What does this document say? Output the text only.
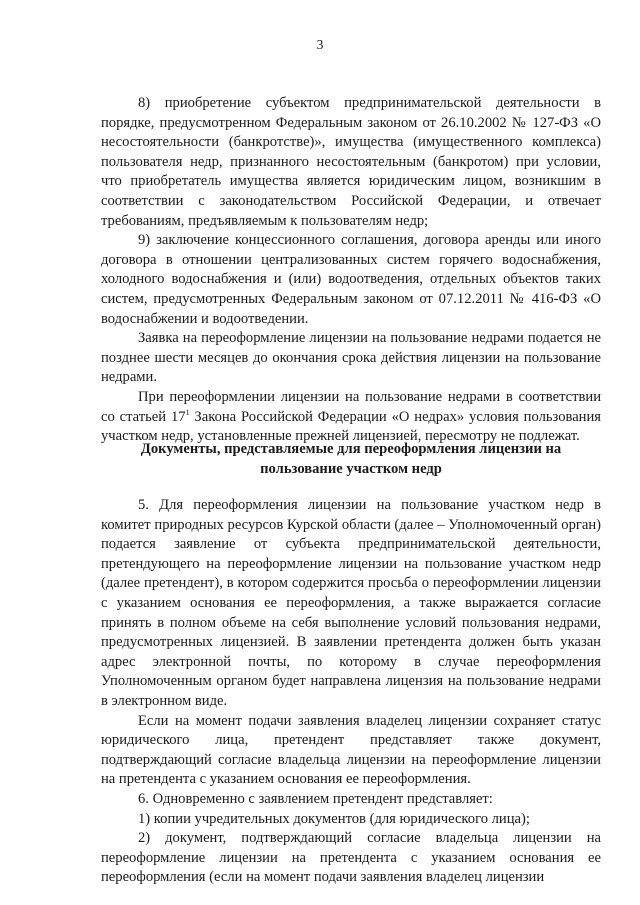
3

8) приобретение субъектом предпринимательской деятельности в порядке, предусмотренном Федеральным законом от 26.10.2002 № 127-ФЗ «О несостоятельности (банкротстве)», имущества (имущественного комплекса) пользователя недр, признанного несостоятельным (банкротом) при условии, что приобретатель имущества является юридическим лицом, возникшим в соответствии с законодательством Российской Федерации, и отвечает требованиям, предъявляемым к пользователям недр;

9) заключение концессионного соглашения, договора аренды или иного договора в отношении централизованных систем горячего водоснабжения, холодного водоснабжения и (или) водоотведения, отдельных объектов таких систем, предусмотренных Федеральным законом от 07.12.2011 № 416-ФЗ «О водоснабжении и водоотведении.

Заявка на переоформление лицензии на пользование недрами подается не позднее шести месяцев до окончания срока действия лицензии на пользование недрами.

При переоформлении лицензии на пользование недрами в соответствии со статьей $17^1$ Закона Российской Федерации «О недрах» условия пользования участком недр, установленные прежней лицензией, пересмотру не подлежат.

Документы, представляемые для переоформления лицензии на
пользование участком недр

5. Для переоформления лицензии на пользование участком недр в комитет природных ресурсов Курской области (далее – Уполномоченный орган) подается заявление от субъекта предпринимательской деятельности, претендующего на переоформление лицензии на пользование участком недр (далее претендент), в котором содержится просьба о переоформлении лицензии с указанием основания ее переоформления, а также выражается согласие принять в полном объеме на себя выполнение условий пользования недрами, предусмотренных лицензией. В заявлении претендента должен быть указан адрес электронной почты, по которому в случае переоформления Уполномоченным органом будет направлена лицензия на пользование недрами в электронном виде.

Если на момент подачи заявления владелец лицензии сохраняет статус юридического лица, претендент представляет также документ, подтверждающий согласие владельца лицензии на переоформление лицензии на претендента с указанием основания ее переоформления.

6. Одновременно с заявлением претендент представляет:

1) копии учредительных документов (для юридического лица);

2) документ, подтверждающий согласие владельца лицензии на переоформление лицензии на претендента с указанием основания ее переоформления (если на момент подачи заявления владелец лицензии
